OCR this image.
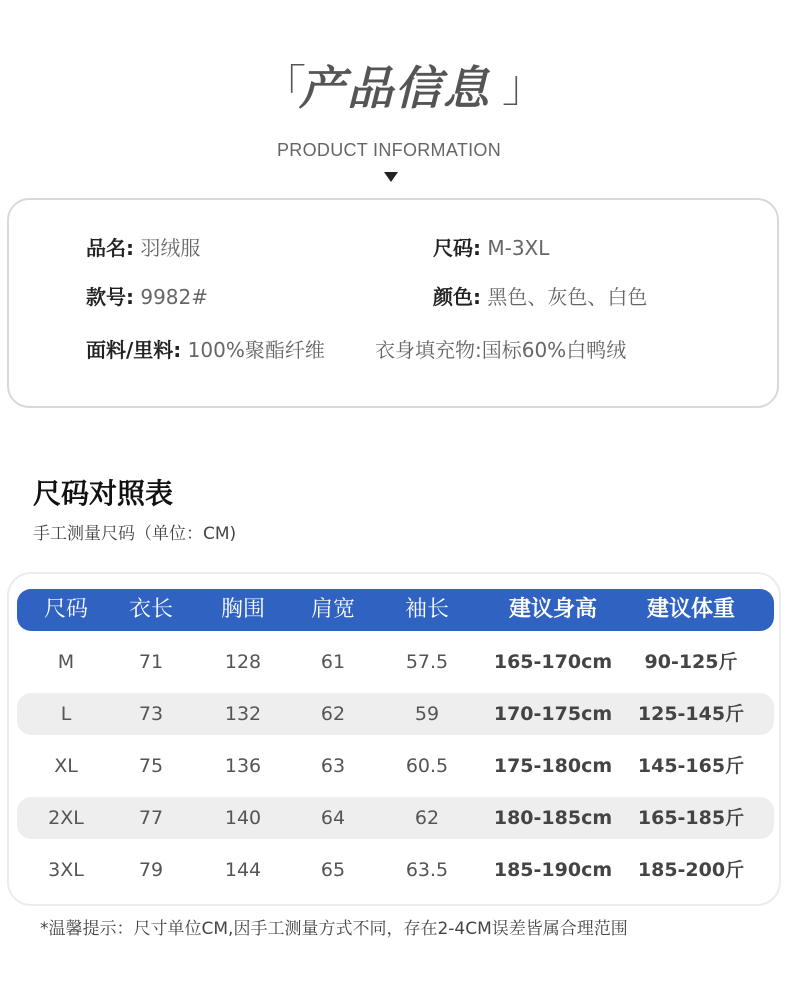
「
产品信息 」
PRODUCT INFORMATION
品名: 羽绒服	尺码: M-3XL
款号: 9982#	颜色: 黑色、灰色、白色
面料/里料: 100%聚酯纤维	衣身填充物:国标60%白鸭绒
尺码对照表
手工测量尺码（单位：CM)
尺码	衣长	胸围	肩宽	袖长	建议身高	建议体重
M	71	128	61	57.5	165-170cm	90-125斤
L	73	132	62	59	170-175cm	125-145斤
XL	75	136	63	60.5	175-180cm	145-165斤
2XL	77	140	64	62	180-185cm	165-185斤
3XL	79	144	65	63.5	185-190cm	185-200斤
*温馨提示：尺寸单位CM,因手工测量方式不同，存在2-4CM误差皆属合理范围
